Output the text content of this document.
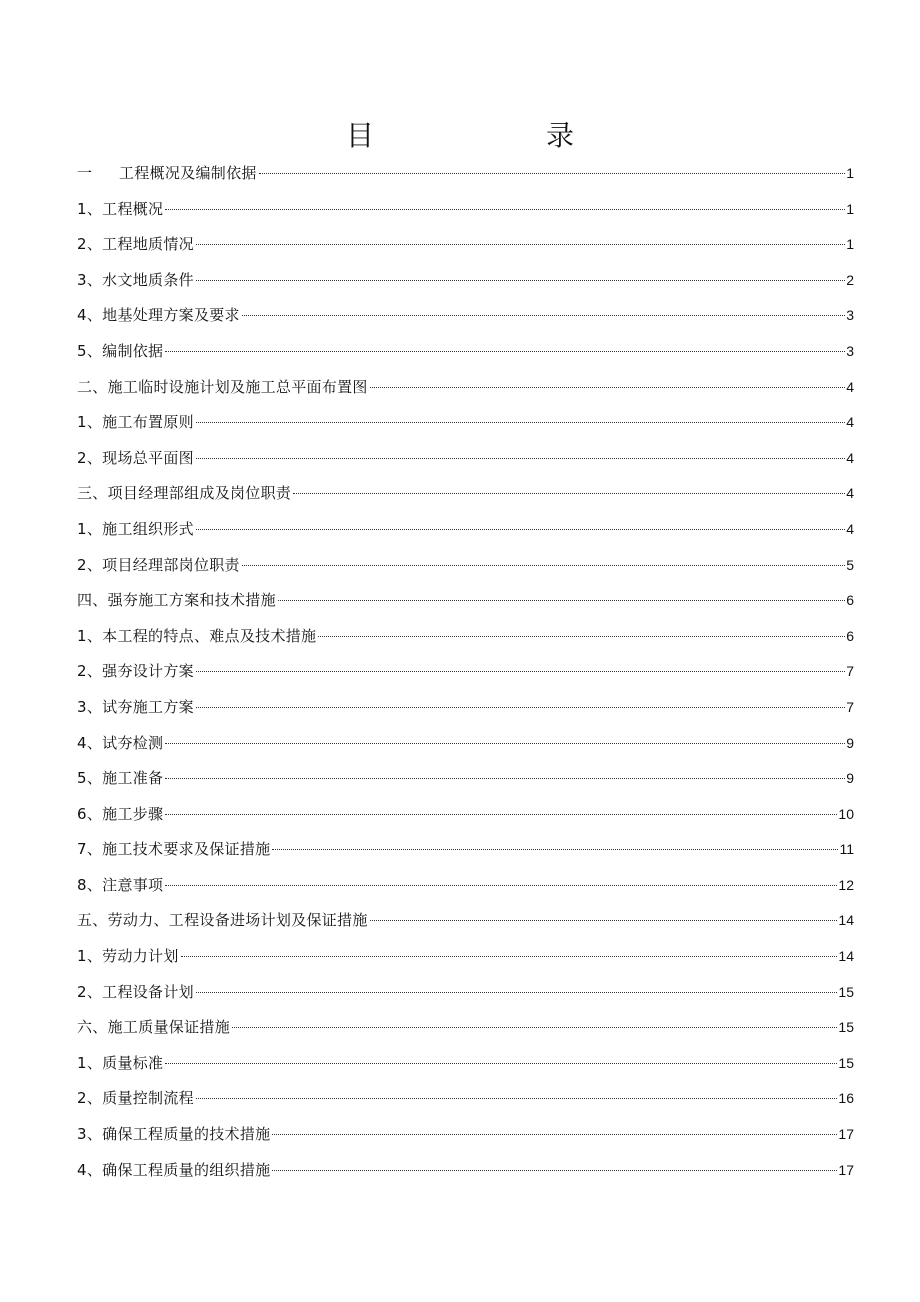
目　录
一 工程概况及编制依据	1
1、工程概况	1
2、工程地质情况	1
3、水文地质条件	2
4、地基处理方案及要求	3
5、编制依据	3
二、施工临时设施计划及施工总平面布置图	4
1、施工布置原则	4
2、现场总平面图	4
三、项目经理部组成及岗位职责	4
1、施工组织形式	4
2、项目经理部岗位职责	5
四、强夯施工方案和技术措施	6
1、本工程的特点、难点及技术措施	6
2、强夯设计方案	7
3、试夯施工方案	7
4、试夯检测	9
5、施工准备	9
6、施工步骤	10
7、施工技术要求及保证措施	11
8、注意事项	12
五、劳动力、工程设备进场计划及保证措施	14
1、劳动力计划	14
2、工程设备计划	15
六、施工质量保证措施	15
1、质量标准	15
2、质量控制流程	16
3、确保工程质量的技术措施	17
4、确保工程质量的组织措施	17
